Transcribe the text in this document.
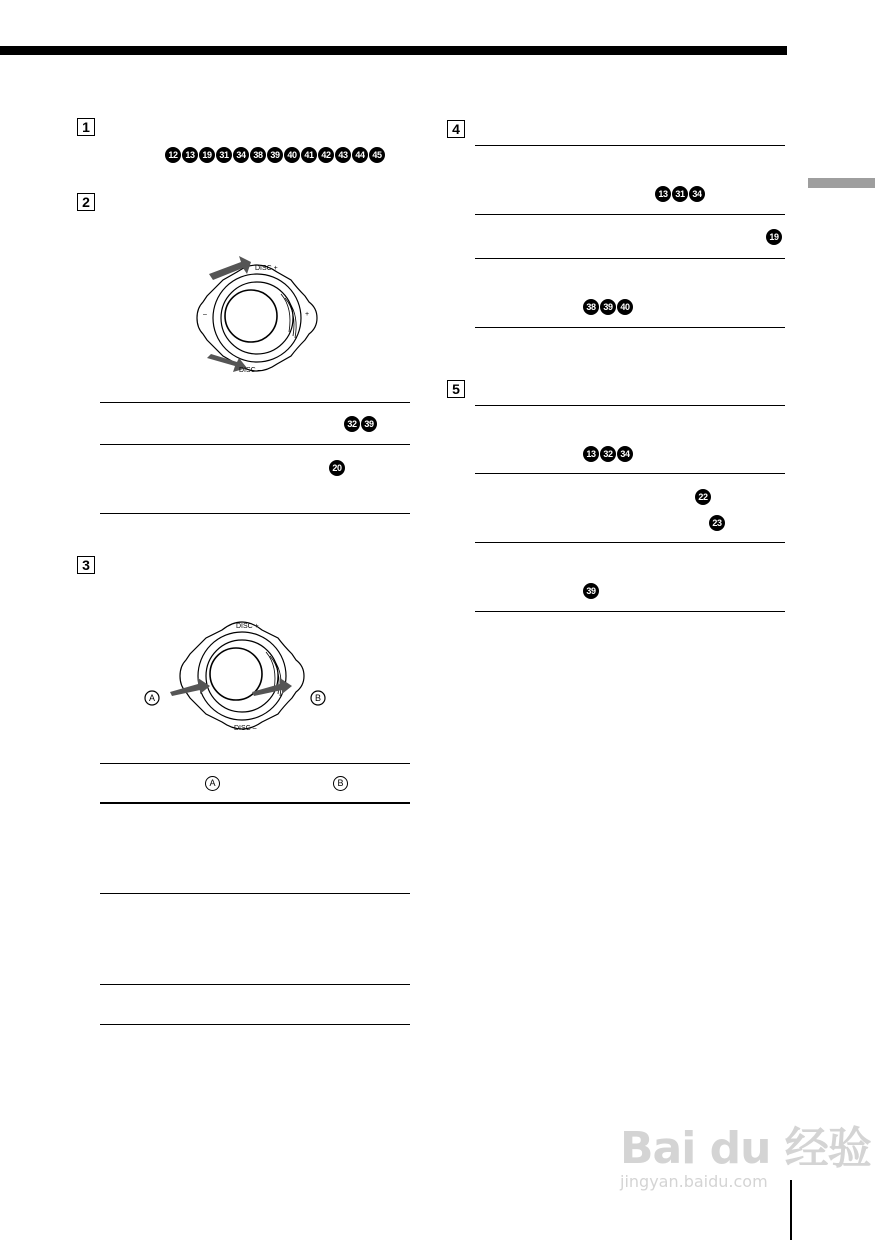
1
12 13 19 31 34 38 39 40 41 42 43 44 45
2
DISC +
DISC –
–	+
32 39
20
3
DISC +
DISC –
A	B
A	B
4
13 31 34
19
38 39 40
5
13 32 34
22
23
39
Bai du 经验
jingyan.baidu.com
